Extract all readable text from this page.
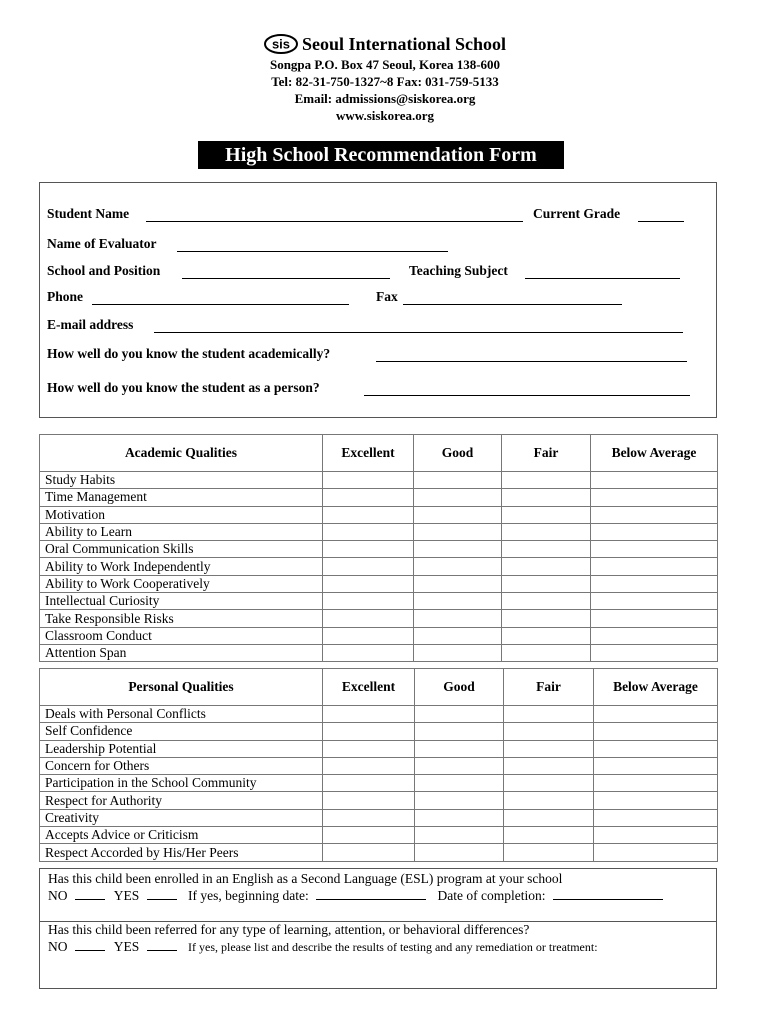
sis Seoul International School
Songpa P.O. Box 47 Seoul, Korea 138-600
Tel: 82-31-750-1327~8 Fax: 031-759-5133
Email: admissions@siskorea.org
www.siskorea.org
High School Recommendation Form
Student Name	Current Grade
Name of Evaluator
School and Position	Teaching Subject
Phone	Fax
E-mail address
How well do you know the student academically?
How well do you know the student as a person?
Academic Qualities	Excellent	Good	Fair	Below Average
Study Habits				
Time Management				
Motivation				
Ability to Learn				
Oral Communication Skills				
Ability to Work Independently				
Ability to Work Cooperatively				
Intellectual Curiosity				
Take Responsible Risks				
Classroom Conduct				
Attention Span				
Personal Qualities	Excellent	Good	Fair	Below Average
Deals with Personal Conflicts				
Self Confidence				
Leadership Potential				
Concern for Others				
Participation in the School Community				
Respect for Authority				
Creativity				
Accepts Advice or Criticism				
Respect Accorded by His/Her Peers				
Has this child been enrolled in an English as a Second Language (ESL) program at your school
NO	YES	If yes, beginning date:	Date of completion:
Has this child been referred for any type of learning, attention, or behavioral differences?
NO	YES	If yes, please list and describe the results of testing and any remediation or treatment:
